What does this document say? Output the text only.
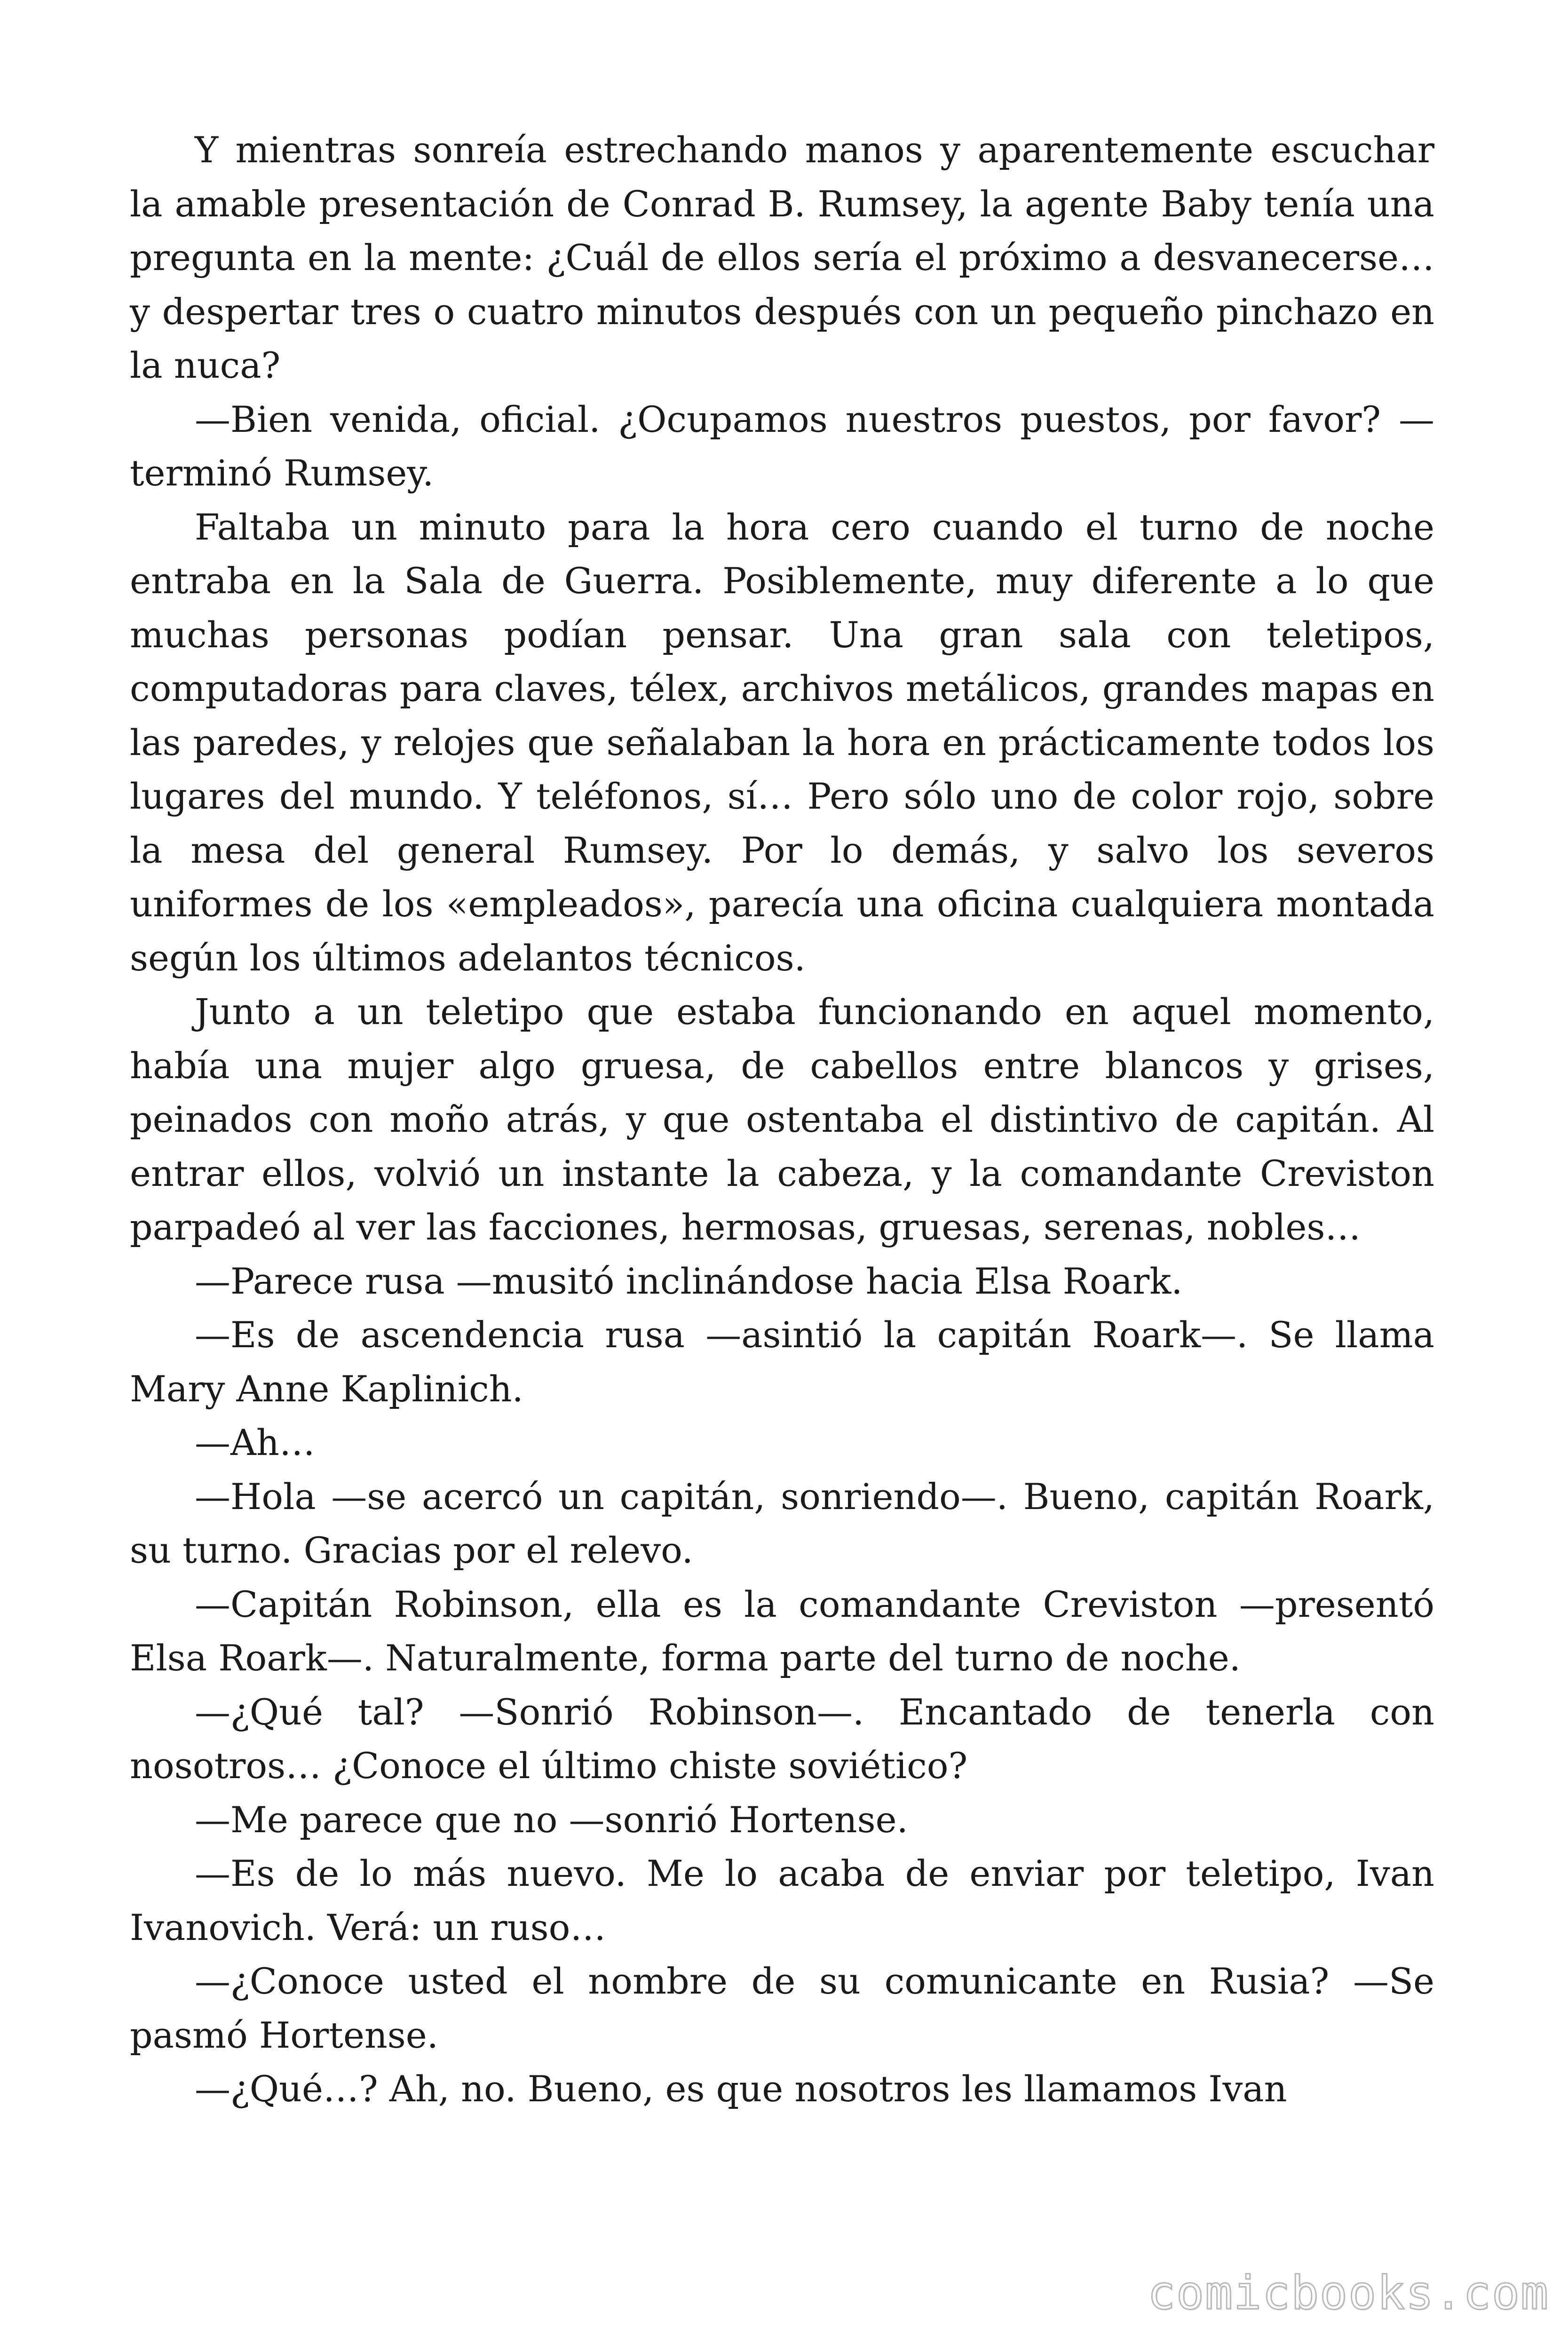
Y mientras sonreía estrechando manos y aparentemente escuchar la amable presentación de Conrad B. Rumsey, la agente Baby tenía una pregunta en la mente: ¿Cuál de ellos sería el próximo a desvanecerse… y despertar tres o cuatro minutos después con un pequeño pinchazo en la nuca?

—Bien venida, oficial. ¿Ocupamos nuestros puestos, por favor? —terminó Rumsey.

Faltaba un minuto para la hora cero cuando el turno de noche entraba en la Sala de Guerra. Posiblemente, muy diferente a lo que muchas personas podían pensar. Una gran sala con teletipos, computadoras para claves, télex, archivos metálicos, grandes mapas en las paredes, y relojes que señalaban la hora en prácticamente todos los lugares del mundo. Y teléfonos, sí… Pero sólo uno de color rojo, sobre la mesa del general Rumsey. Por lo demás, y salvo los severos uniformes de los «empleados», parecía una oficina cualquiera montada según los últimos adelantos técnicos.

Junto a un teletipo que estaba funcionando en aquel momento, había una mujer algo gruesa, de cabellos entre blancos y grises, peinados con moño atrás, y que ostentaba el distintivo de capitán. Al entrar ellos, volvió un instante la cabeza, y la comandante Creviston parpadeó al ver las facciones, hermosas, gruesas, serenas, nobles…

—Parece rusa —musitó inclinándose hacia Elsa Roark.

—Es de ascendencia rusa —asintió la capitán Roark—. Se llama Mary Anne Kaplinich.

—Ah…

—Hola —se acercó un capitán, sonriendo—. Bueno, capitán Roark, su turno. Gracias por el relevo.

—Capitán Robinson, ella es la comandante Creviston —presentó Elsa Roark—. Naturalmente, forma parte del turno de noche.

—¿Qué tal? —Sonrió Robinson—. Encantado de tenerla con nosotros… ¿Conoce el último chiste soviético?

—Me parece que no —sonrió Hortense.

—Es de lo más nuevo. Me lo acaba de enviar por teletipo, Ivan Ivanovich. Verá: un ruso…

—¿Conoce usted el nombre de su comunicante en Rusia? —Se pasmó Hortense.

—¿Qué…? Ah, no. Bueno, es que nosotros les llamamos Ivan

comicbooks.com
